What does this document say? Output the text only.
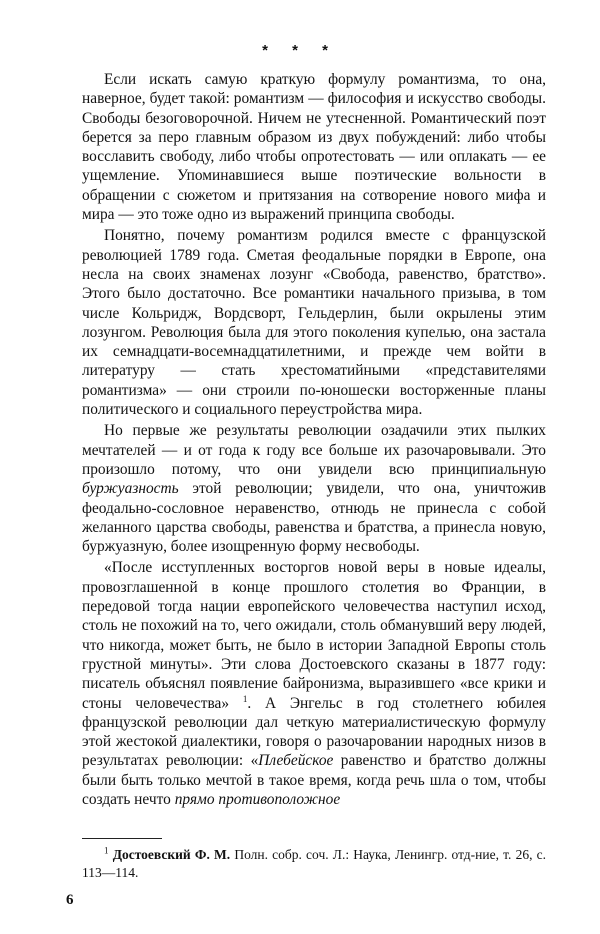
* * *

Если искать самую краткую формулу романтизма, то она, наверное, будет такой: романтизм — философия и искусство свободы. Свободы безоговорочной. Ничем не утесненной. Романтический поэт берется за перо главным образом из двух побуждений: либо чтобы восславить свободу, либо чтобы опротестовать — или оплакать — ее ущемление. Упоминавшиеся выше поэтические вольности в обращении с сюжетом и притязания на сотворение нового мифа и мира — это тоже одно из выражений принципа свободы.

Понятно, почему романтизм родился вместе с французской революцией 1789 года. Сметая феодальные порядки в Европе, она несла на своих знаменах лозунг «Свобода, равенство, братство». Этого было достаточно. Все романтики начального призыва, в том числе Кольридж, Вордсворт, Гельдерлин, были окрылены этим лозунгом. Революция была для этого поколения купелью, она застала их семнадцати-восемнадцатилетними, и прежде чем войти в литературу — стать хрестоматийными «представителями романтизма» — они строили по-юношески восторженные планы политического и социального переустройства мира.

Но первые же результаты революции озадачили этих пылких мечтателей — и от года к году все больше их разочаровывали. Это произошло потому, что они увидели всю принципиальную буржуазность этой революции; увидели, что она, уничтожив феодально-сословное неравенство, отнюдь не принесла с собой желанного царства свободы, равенства и братства, а принесла новую, буржуазную, более изощренную форму несвободы.

«После исступленных восторгов новой веры в новые идеалы, провозглашенной в конце прошлого столетия во Франции, в передовой тогда нации европейского человечества наступил исход, столь не похожий на то, чего ожидали, столь обманувший веру людей, что никогда, может быть, не было в истории Западной Европы столь грустной минуты». Эти слова Достоевского сказаны в 1877 году: писатель объяснял появление байронизма, выразившего «все крики и стоны человечества» $^1$. А Энгельс в год столетнего юбилея французской революции дал четкую материалистическую формулу этой жестокой диалектики, говоря о разочаровании народных низов в результатах революции: «Плебейское равенство и братство должны были быть только мечтой в такое время, когда речь шла о том, чтобы создать нечто прямо противоположное

$^1$ Достоевский Ф. М. Полн. собр. соч. Л.: Наука, Ленингр. отд-ние, т. 26, с. 113—114.
6
